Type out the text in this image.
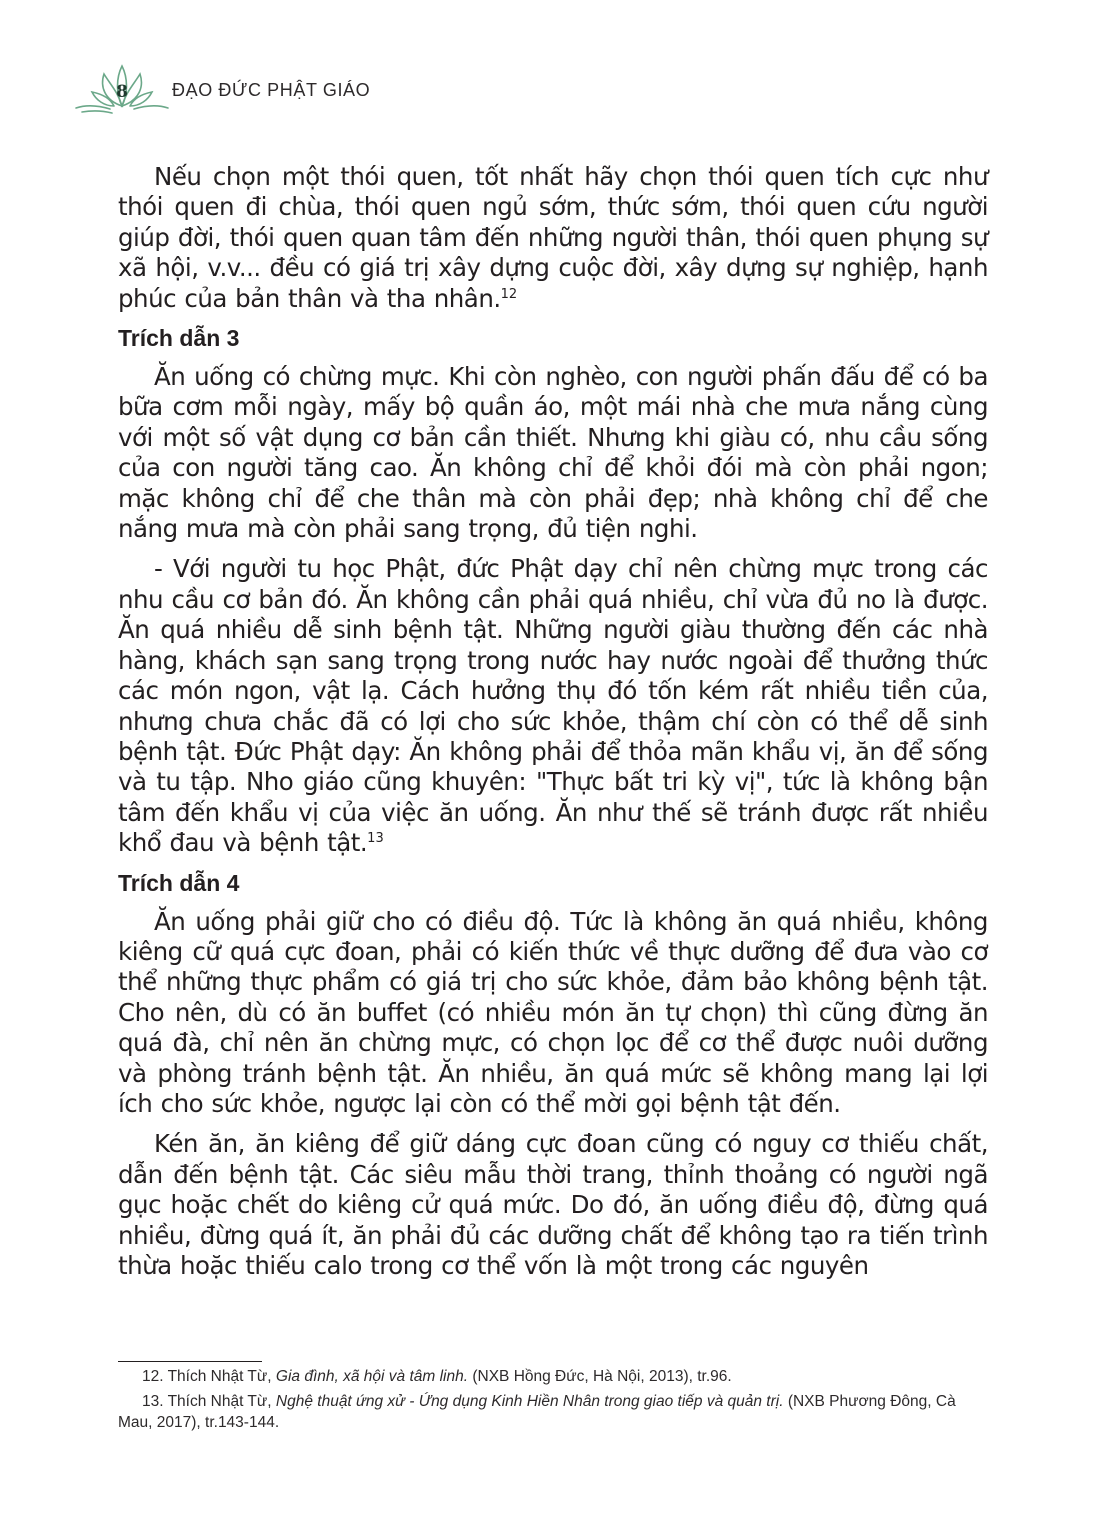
8 ĐẠO ĐỨC PHẬT GIÁO

Nếu chọn một thói quen, tốt nhất hãy chọn thói quen tích cực như thói quen đi chùa, thói quen ngủ sớm, thức sớm, thói quen cứu người giúp đời, thói quen quan tâm đến những người thân, thói quen phụng sự xã hội, v.v... đều có giá trị xây dựng cuộc đời, xây dựng sự nghiệp, hạnh phúc của bản thân và tha nhân.$^{12}$

Trích dẫn 3

Ăn uống có chừng mực. Khi còn nghèo, con người phấn đấu để có ba bữa cơm mỗi ngày, mấy bộ quần áo, một mái nhà che mưa nắng cùng với một số vật dụng cơ bản cần thiết. Nhưng khi giàu có, nhu cầu sống của con người tăng cao. Ăn không chỉ để khỏi đói mà còn phải ngon; mặc không chỉ để che thân mà còn phải đẹp; nhà không chỉ để che nắng mưa mà còn phải sang trọng, đủ tiện nghi.

- Với người tu học Phật, đức Phật dạy chỉ nên chừng mực trong các nhu cầu cơ bản đó. Ăn không cần phải quá nhiều, chỉ vừa đủ no là được. Ăn quá nhiều dễ sinh bệnh tật. Những người giàu thường đến các nhà hàng, khách sạn sang trọng trong nước hay nước ngoài để thưởng thức các món ngon, vật lạ. Cách hưởng thụ đó tốn kém rất nhiều tiền của, nhưng chưa chắc đã có lợi cho sức khỏe, thậm chí còn có thể dễ sinh bệnh tật. Đức Phật dạy: Ăn không phải để thỏa mãn khẩu vị, ăn để sống và tu tập. Nho giáo cũng khuyên: "Thực bất tri kỳ vị", tức là không bận tâm đến khẩu vị của việc ăn uống. Ăn như thế sẽ tránh được rất nhiều khổ đau và bệnh tật.$^{13}$

Trích dẫn 4

Ăn uống phải giữ cho có điều độ. Tức là không ăn quá nhiều, không kiêng cữ quá cực đoan, phải có kiến thức về thực dưỡng để đưa vào cơ thể những thực phẩm có giá trị cho sức khỏe, đảm bảo không bệnh tật. Cho nên, dù có ăn buffet (có nhiều món ăn tự chọn) thì cũng đừng ăn quá đà, chỉ nên ăn chừng mực, có chọn lọc để cơ thể được nuôi dưỡng và phòng tránh bệnh tật. Ăn nhiều, ăn quá mức sẽ không mang lại lợi ích cho sức khỏe, ngược lại còn có thể mời gọi bệnh tật đến.

Kén ăn, ăn kiêng để giữ dáng cực đoan cũng có nguy cơ thiếu chất, dẫn đến bệnh tật. Các siêu mẫu thời trang, thỉnh thoảng có người ngã gục hoặc chết do kiêng cử quá mức. Do đó, ăn uống điều độ, đừng quá nhiều, đừng quá ít, ăn phải đủ các dưỡng chất để không tạo ra tiến trình thừa hoặc thiếu calo trong cơ thể vốn là một trong các nguyên

12. Thích Nhật Từ, Gia đình, xã hội và tâm linh. (NXB Hồng Đức, Hà Nội, 2013), tr.96.

13. Thích Nhật Từ, Nghệ thuật ứng xử - Ứng dụng Kinh Hiền Nhân trong giao tiếp và quản trị. (NXB Phương Đông, Cà Mau, 2017), tr.143-144.
